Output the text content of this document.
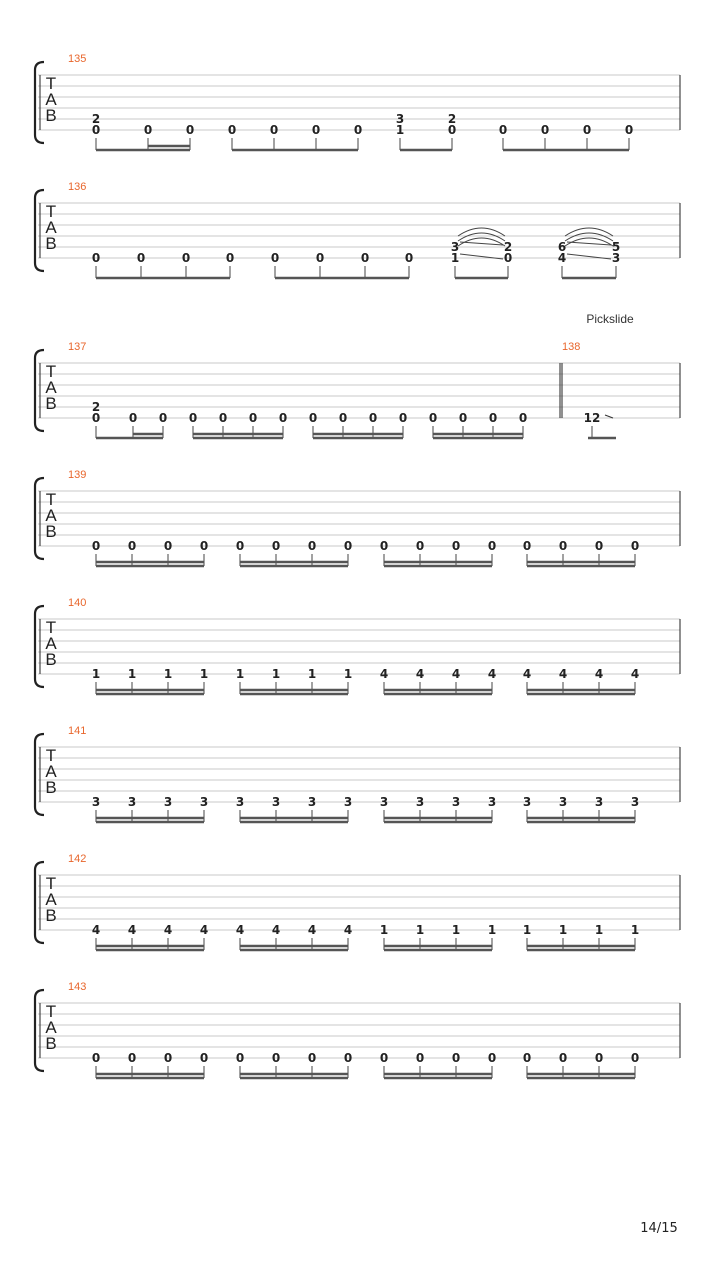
T
A
B
135
2
0	0	0	0	0	0	0
3
1
2
0	0	0	0	0
T
A
B
136
0	0	0	0	0	0	0	0
3
1
2
0
6
4
5
3
T
A
B
137
2
0 0 0 0 0 0 0 0 0 0 0 0 0 0 0
138
Pickslide
12
T
A
B
139
0 0 0 0 0 0 0 0 0 0 0 0 0 0 0 0
T
A
B
140
1 1 1 1 1 1 1 1 4 4 4 4 4 4 4 4
T
A
B
141
3 3 3 3 3 3 3 3 3 3 3 3 3 3 3 3
T
A
B
142
4 4 4 4 4 4 4 4 1 1 1 1 1 1 1 1
T
A
B
143
0 0 0 0 0 0 0 0 0 0 0 0 0 0 0 0
14/15
